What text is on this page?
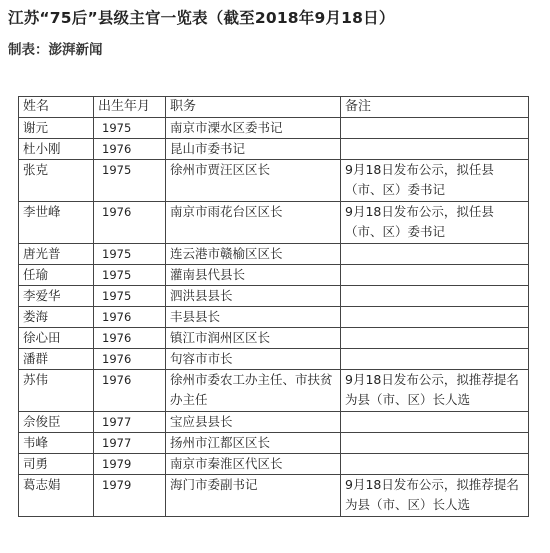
江苏“75后”县级主官一览表（截至2018年9月18日）
制表：澎湃新闻
姓名	出生年月	职务	备注
谢元	1975	南京市溧水区委书记	
杜小刚	1976	昆山市委书记	
张克	1975	徐州市贾汪区区长	9月18日发布公示，拟任县（市、区）委书记
李世峰	1976	南京市雨花台区区长	9月18日发布公示，拟任县（市、区）委书记
唐光普	1975	连云港市赣榆区区长	
任瑜	1975	灌南县代县长	
李爱华	1975	泗洪县县长	
娄海	1976	丰县县长	
徐心田	1976	镇江市润州区区长	
潘群	1976	句容市市长	
苏伟	1976	徐州市委农工办主任、市扶贫办主任	9月18日发布公示，拟推荐提名为县（市、区）长人选
佘俊臣	1977	宝应县县长	
韦峰	1977	扬州市江都区区长	
司勇	1979	南京市秦淮区代区长	
葛志娟	1979	海门市委副书记	9月18日发布公示，拟推荐提名为县（市、区）长人选
